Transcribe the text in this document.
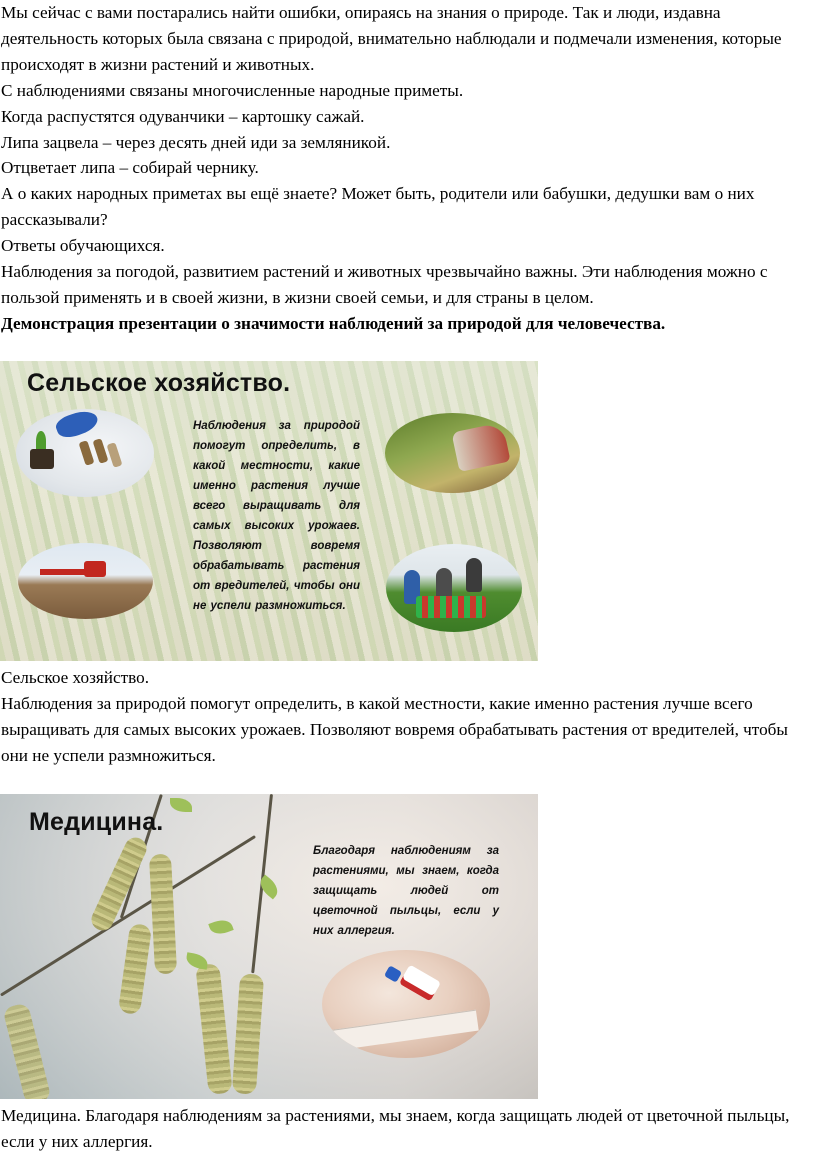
Мы сейчас с вами постарались найти ошибки, опираясь на знания о природе. Так и люди, издавна деятельность которых была связана с природой, внимательно наблюдали и подмечали изменения, которые происходят в жизни растений и животных.

С наблюдениями связаны многочисленные народные приметы.

Когда распустятся одуванчики – картошку сажай.

Липа зацвела – через десять дней иди за земляникой.

Отцветает липа – собирай чернику.

А о каких народных приметах вы ещё знаете? Может быть, родители или бабушки, дедушки вам о них рассказывали?

Ответы обучающихся.

Наблюдения за погодой, развитием растений и животных чрезвычайно важны. Эти наблюдения можно с пользой применять и в своей жизни, в жизни своей семьи, и для страны в целом.

Демонстрация презентации о значимости наблюдений за природой для человечества.

Сельское хозяйство.
Наблюдения за природой помогут определить, в какой местности, какие именно растения лучше всего выращивать для самых высоких урожаев. Позволяют вовремя обрабатывать растения от вредителей, чтобы они не успели размножиться.

Сельское хозяйство.

Наблюдения за природой помогут определить, в какой местности, какие именно растения лучше всего выращивать для самых высоких урожаев. Позволяют вовремя обрабатывать растения от вредителей, чтобы они не успели размножиться.

Медицина.
Благодаря наблюдениям за растениями, мы знаем, когда защищать людей от цветочной пыльцы, если у них аллергия.

Медицина. Благодаря наблюдениям за растениями, мы знаем, когда защищать людей от цветочной пыльцы, если у них аллергия.
